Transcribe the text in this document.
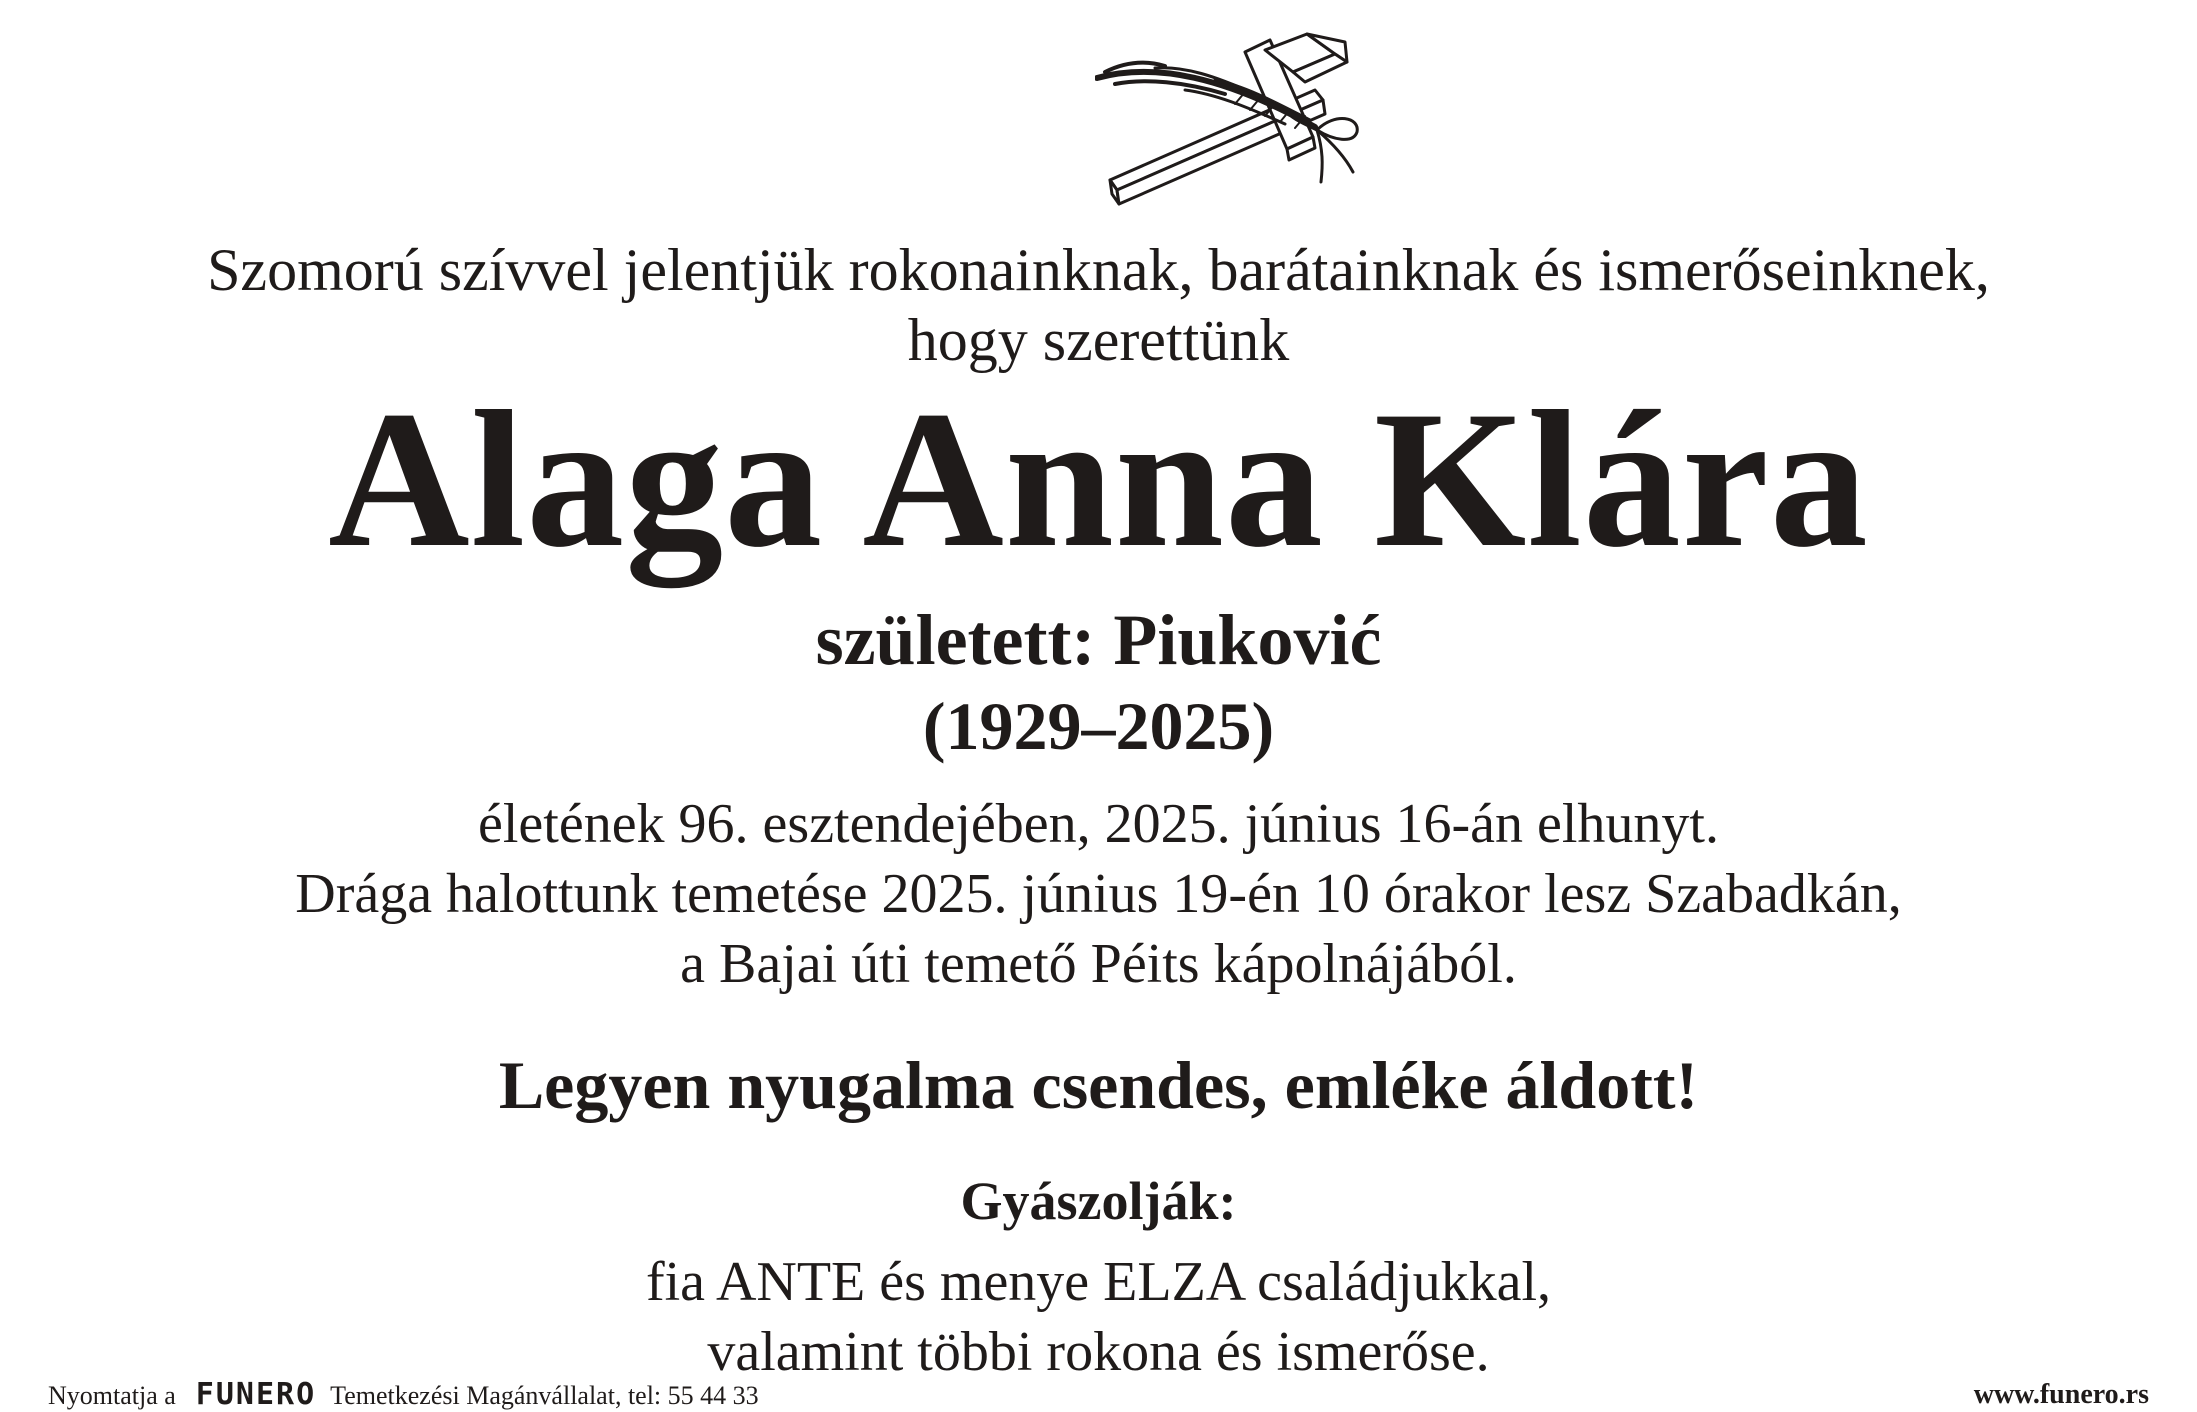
Szomorú szívvel jelentjük rokonainknak, barátainknak és ismerőseinknek,
hogy szerettünk
Alaga Anna Klára
született: Piuković
(1929–2025)
életének 96. esztendejében, 2025. június 16-án elhunyt.
Drága halottunk temetése 2025. június 19-én 10 órakor lesz Szabadkán,
a Bajai úti temető Péits kápolnájából.
Legyen nyugalma csendes, emléke áldott!
Gyászolják:
fia ANTE és menye ELZA családjukkal,
valamint többi rokona és ismerőse.
Nyomtatja a FUNERO Temetkezési Magánvállalat, tel: 55 44 33	www.funero.rs
